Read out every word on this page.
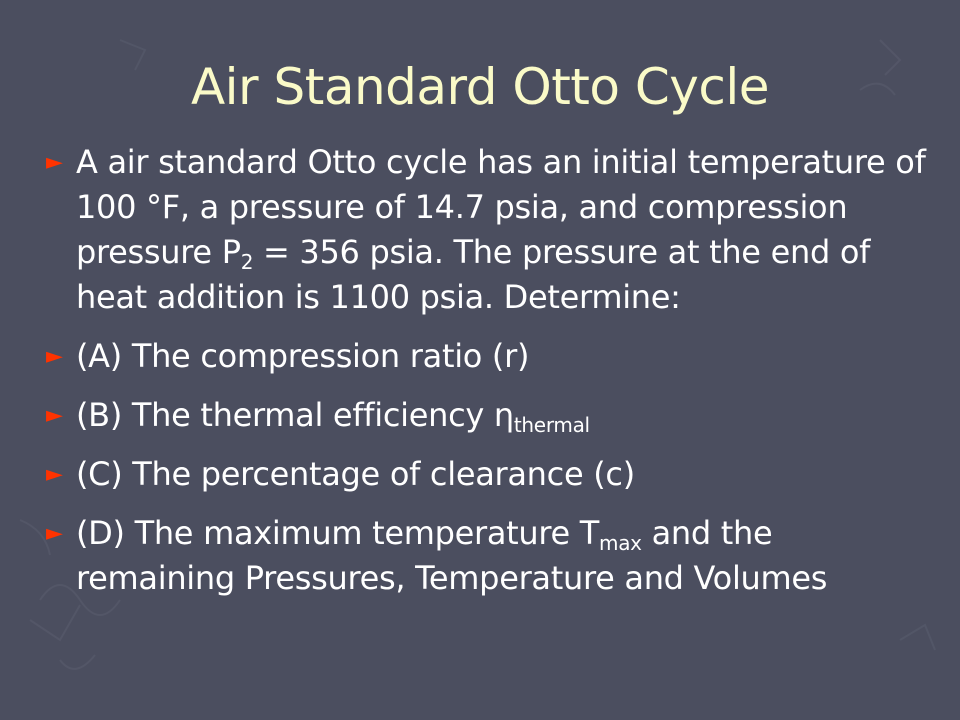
Air Standard Otto Cycle
► A air standard Otto cycle has an initial temperature of 100 °F, a pressure of 14.7 psia, and compression pressure $P_2 = 356$ psia. The pressure at the end of heat addition is 1100 psia. Determine:
► (A) The compression ratio (r)
► (B) The thermal efficiency $\eta_{thermal}$
► (C) The percentage of clearance (c)
► (D) The maximum temperature $T_{max}$ and the remaining Pressures, Temperature and Volumes
